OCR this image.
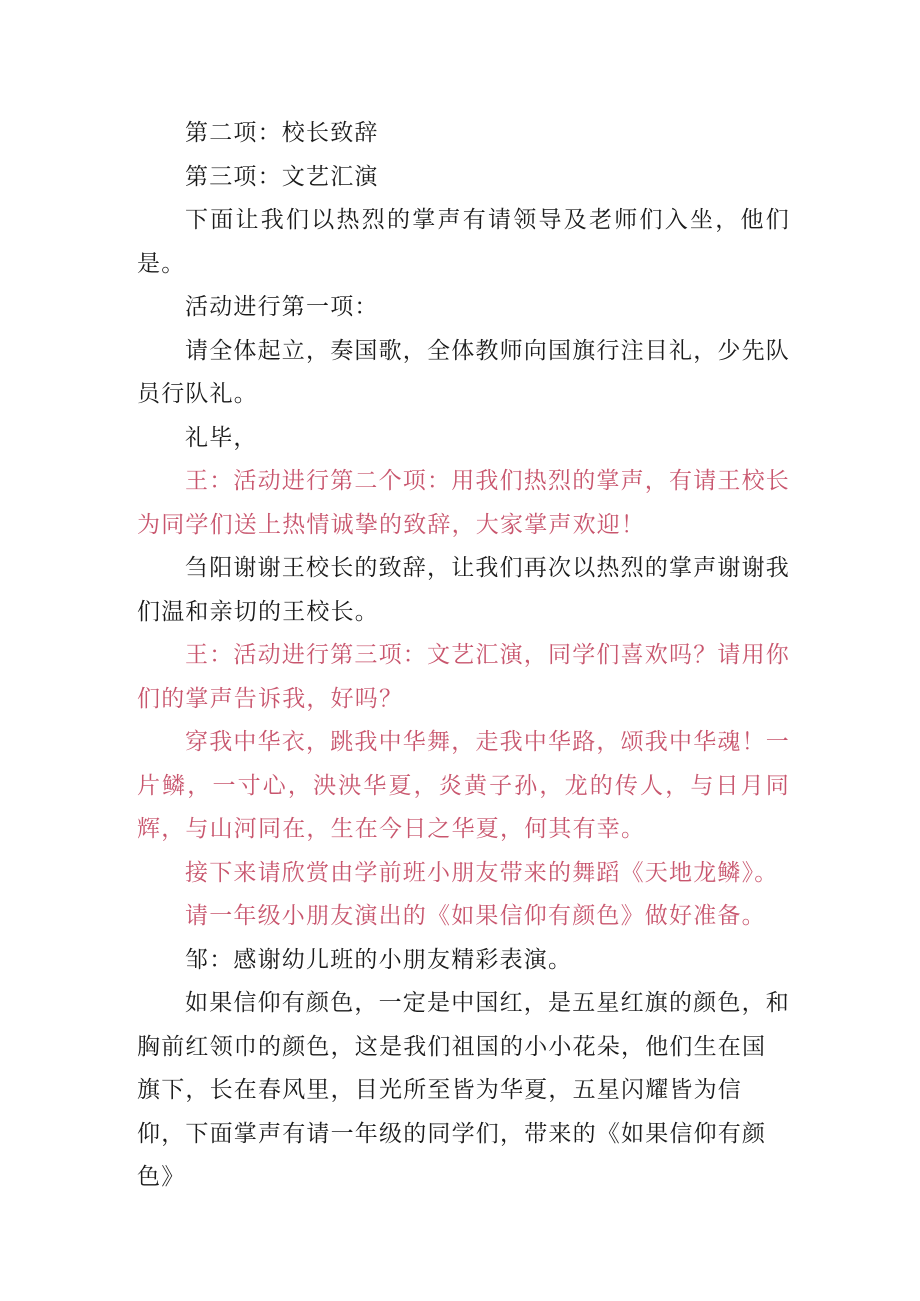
第二项：校长致辞

第三项：文艺汇演

下面让我们以热烈的掌声有请领导及老师们入坐，他们是。

活动进行第一项：

请全体起立，奏国歌，全体教师向国旗行注目礼，少先队员行队礼。

礼毕，

王：活动进行第二个项：用我们热烈的掌声，有请王校长为同学们送上热情诚挚的致辞，大家掌声欢迎！

刍阳谢谢王校长的致辞，让我们再次以热烈的掌声谢谢我们温和亲切的王校长。

王：活动进行第三项：文艺汇演，同学们喜欢吗？请用你们的掌声告诉我，好吗？

穿我中华衣，跳我中华舞，走我中华路，颂我中华魂！一片鳞，一寸心，泱泱华夏，炎黄子孙，龙的传人，与日月同辉，与山河同在，生在今日之华夏，何其有幸。

接下来请欣赏由学前班小朋友带来的舞蹈《天地龙鳞》。

请一年级小朋友演出的《如果信仰有颜色》做好准备。

邹：感谢幼儿班的小朋友精彩表演。

如果信仰有颜色，一定是中国红，是五星红旗的颜色，和胸前红领巾的颜色，这是我们祖国的小小花朵，他们生在国旗下，长在春风里，目光所至皆为华夏，五星闪耀皆为信仰，下面掌声有请一年级的同学们，带来的《如果信仰有颜

色》
